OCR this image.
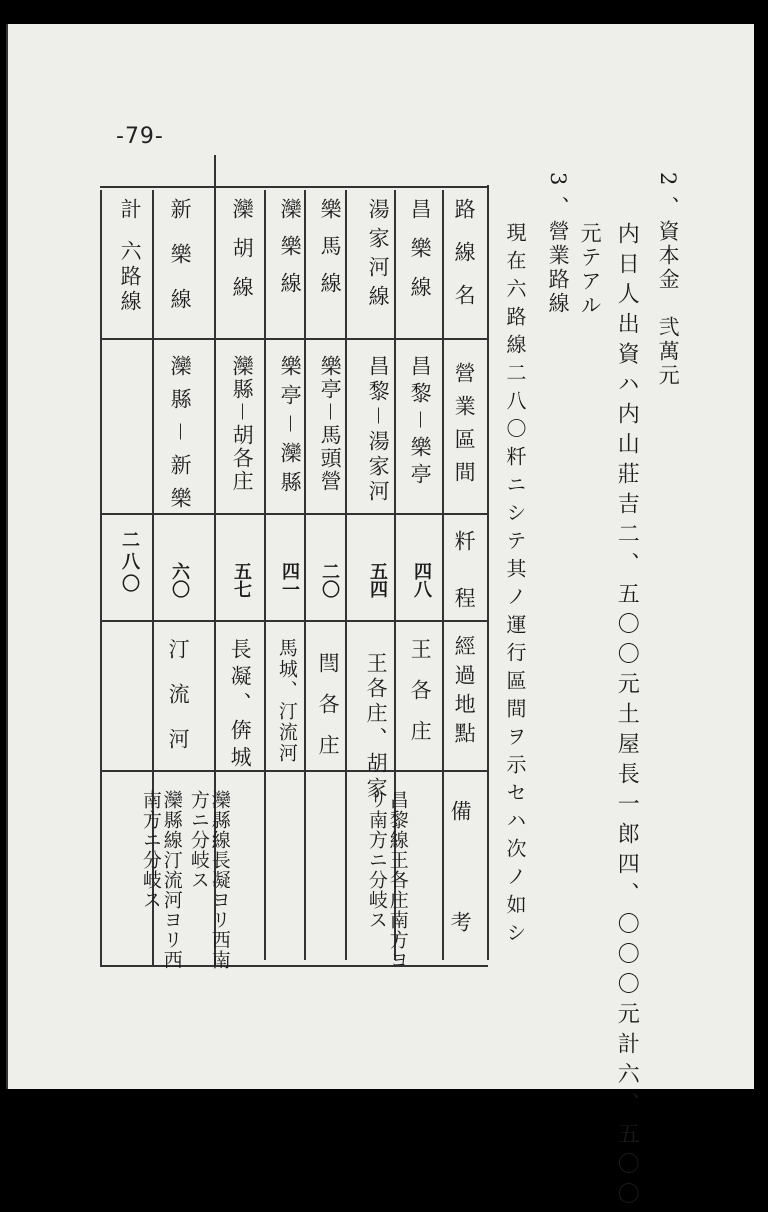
-79-
2
、資本金　弐萬元
内日人出資ハ内山莊吉二、五〇〇元土屋長一郎四、〇〇〇元計六、五〇〇
元テアル
3
、營業路線
現在六路線二八〇粁ニシテ其ノ運行區間ヲ示セハ次ノ如シ
路線名
營業區間
粁程
經過地點
備考
昌樂線
昌黎－樂亭
四八
王各庄
昌黎線王各庄南方ヨリ南方ニ分岐ス
湯家河線
昌黎－湯家河
五四
王各庄、胡家
樂馬線
樂亭－馬頭營
二〇
閆各庄
灤樂線
樂亭－灤縣
四一
馬城、汀流河
灤胡線
灤縣－胡各庄
五七
長凝、倴城
灤縣線長凝ヨリ西南方ニ分岐ス
新樂線
灤縣－新樂
六〇
汀流河
灤縣線汀流河ヨリ西南方ニ分岐ス
計
六路線
二八〇
